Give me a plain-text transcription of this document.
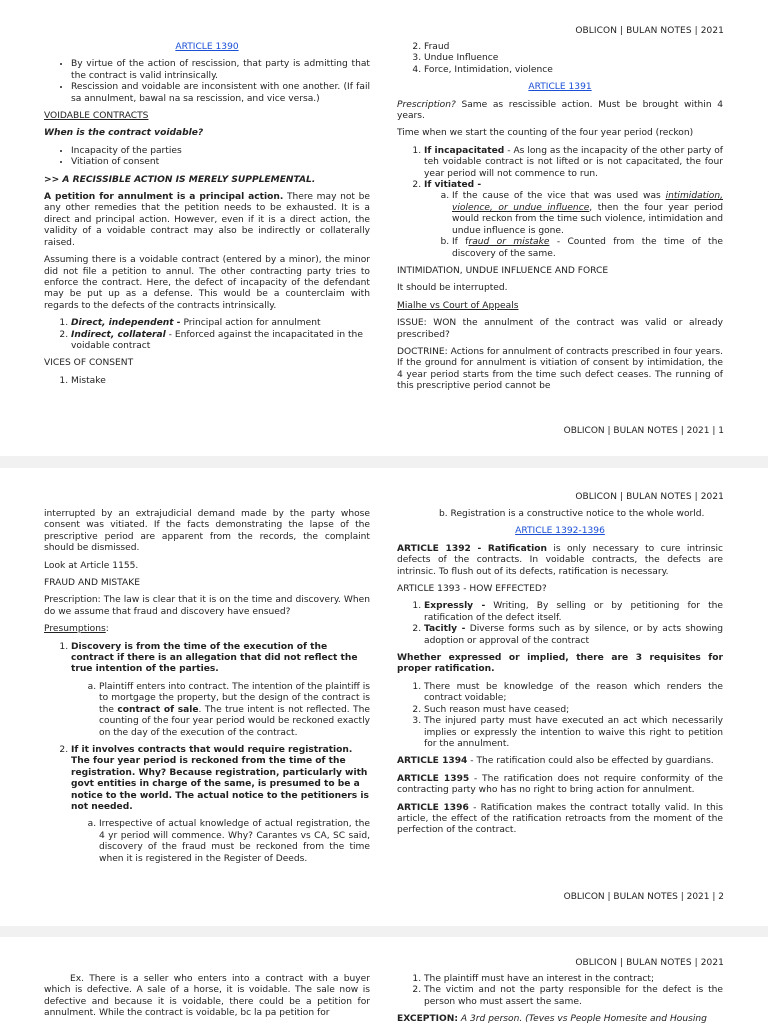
OBLICON | BULAN NOTES | 2021

ARTICLE 1390

• By virtue of the action of rescission, that party is admitting that the contract is valid intrinsically.
• Rescission and voidable are inconsistent with one another. (If fail sa annulment, bawal na sa rescission, and vice versa.)

VOIDABLE CONTRACTS

When is the contract voidable?

• Incapacity of the parties
• Vitiation of consent

>> A RECISSIBLE ACTION IS MERELY SUPPLEMENTAL.

A petition for annulment is a principal action. There may not be any other remedies that the petition needs to be exhausted. It is a direct and principal action. However, even if it is a direct action, the validity of a voidable contract may also be indirectly or collaterally raised.

Assuming there is a voidable contract (entered by a minor), the minor did not file a petition to annul. The other contracting party tries to enforce the contract. Here, the defect of incapacity of the defendant may be put up as a defense. This would be a counterclaim with regards to the defects of the contracts intrinsically.

1. Direct, independent - Principal action for annulment
2. Indirect, collateral - Enforced against the incapacitated in the voidable contract

VICES OF CONSENT

1. Mistake
2. Fraud
3. Undue Influence
4. Force, Intimidation, violence

ARTICLE 1391

Prescription? Same as rescissible action. Must be brought within 4 years.

Time when we start the counting of the four year period (reckon)

1. If incapacitated - As long as the incapacity of the other party of teh voidable contract is not lifted or is not capacitated, the four year period will not commence to run.
2. If vitiated -
a. If the cause of the vice that was used was intimidation, violence, or undue influence, then the four year period would reckon from the time such violence, intimidation and undue influence is gone.
b. If fraud or mistake - Counted from the time of the discovery of the same.

INTIMIDATION, UNDUE INFLUENCE AND FORCE

It should be interrupted.

Mialhe vs Court of Appeals

ISSUE: WON the annulment of the contract was valid or already prescribed?

DOCTRINE: Actions for annulment of contracts prescribed in four years. If the ground for annulment is vitiation of consent by intimidation, the 4 year period starts from the time such defect ceases. The running of this prescriptive period cannot be

OBLICON | BULAN NOTES | 2021 | 1
OBLICON | BULAN NOTES | 2021

interrupted by an extrajudicial demand made by the party whose consent was vitiated. If the facts demonstrating the lapse of the prescriptive period are apparent from the records, the complaint should be dismissed.

Look at Article 1155.

FRAUD AND MISTAKE

Prescription: The law is clear that it is on the time and discovery. When do we assume that fraud and discovery have ensued?

Presumptions:

1. Discovery is from the time of the execution of the contract if there is an allegation that did not reflect the true intention of the parties.
a. Plaintiff enters into contract. The intention of the plaintiff is to mortgage the property, but the design of the contract is the contract of sale. The true intent is not reflected. The counting of the four year period would be reckoned exactly on the day of the execution of the contract.
2. If it involves contracts that would require registration. The four year period is reckoned from the time of the registration. Why? Because registration, particularly with govt entities in charge of the same, is presumed to be a notice to the world. The actual notice to the petitioners is not needed.
a. Irrespective of actual knowledge of actual registration, the 4 yr period will commence. Why? Carantes vs CA, SC said, discovery of the fraud must be reckoned from the time when it is registered in the Register of Deeds.

b. Registration is a constructive notice to the whole world.

ARTICLE 1392-1396

ARTICLE 1392 - Ratification is only necessary to cure intrinsic defects of the contracts. In voidable contracts, the defects are intrinsic. To flush out of its defects, ratification is necessary.

ARTICLE 1393 - HOW EFFECTED?

1. Expressly - Writing, By selling or by petitioning for the ratification of the defect itself.
2. Tacitly - Diverse forms such as by silence, or by acts showing adoption or approval of the contract

Whether expressed or implied, there are 3 requisites for proper ratification.

1. There must be knowledge of the reason which renders the contract voidable;
2. Such reason must have ceased;
3. The injured party must have executed an act which necessarily implies or expressly the intention to waive this right to petition for the annulment.

ARTICLE 1394 - The ratification could also be effected by guardians.

ARTICLE 1395 - The ratification does not require conformity of the contracting party who has no right to bring action for annulment.

ARTICLE 1396 - Ratification makes the contract totally valid. In this article, the effect of the ratification retroacts from the moment of the perfection of the contract.

OBLICON | BULAN NOTES | 2021 | 2
OBLICON | BULAN NOTES | 2021

Ex. There is a seller who enters into a contract with a buyer which is defective. A sale of a horse, it is voidable. The sale now is defective and because it is voidable, there could be a petition for annulment. While the contract is voidable, bc la pa petition for

1. The plaintiff must have an interest in the contract;
2. The victim and not the party responsible for the defect is the person who must assert the same.

EXCEPTION: A 3rd person. (Teves vs People Homesite and Housing
